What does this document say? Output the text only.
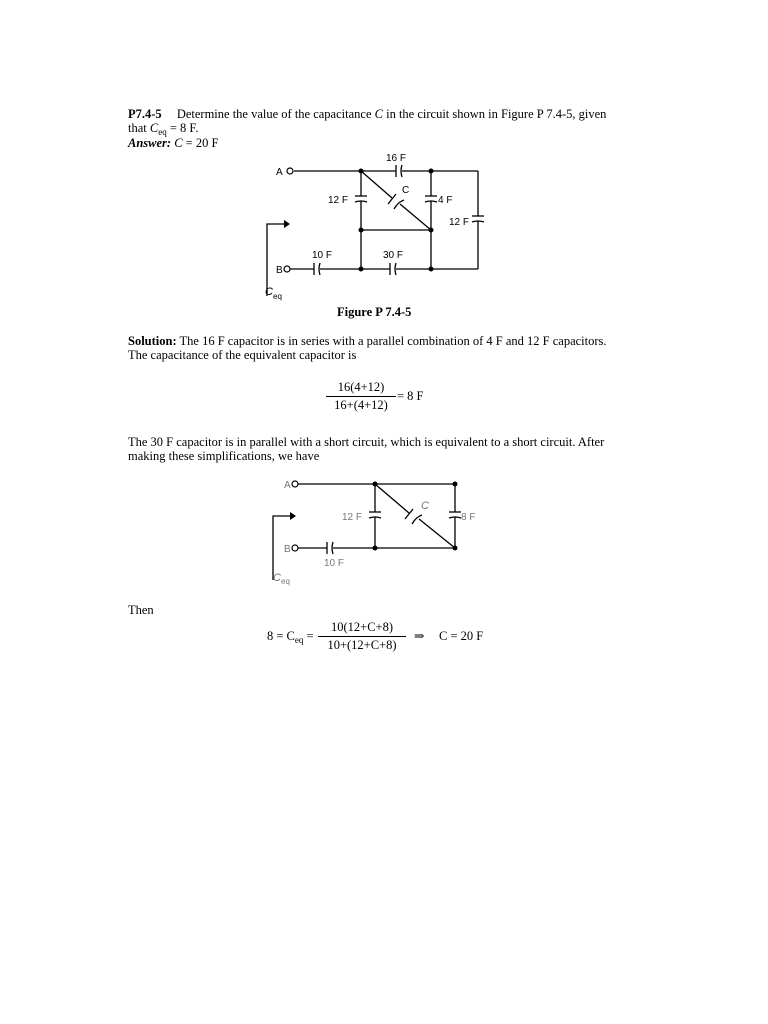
P7.4-5 Determine the value of the capacitance C in the circuit shown in Figure P 7.4-5, given
that $C_{eq} = 8$ F.
Answer: C = 20 F
A
B
16 F
C
12 F	4 F
12 F
10 F	30 F
C eq
Figure P 7.4-5
Solution: The 16 F capacitor is in series with a parallel combination of 4 F and 12 F capacitors.
The capacitance of the equivalent capacitor is
16(4+12)
16+(4+12)
= 8 F
The 30 F capacitor is in parallel with a short circuit, which is equivalent to a short circuit. After
making these simplifications, we have
A
B
12 F	8 F
10 F
C
C eq
Then
$8 = C_{eq}$ =
10(12+C+8)
10+(12+C+8)
⇒ C = 20 F
